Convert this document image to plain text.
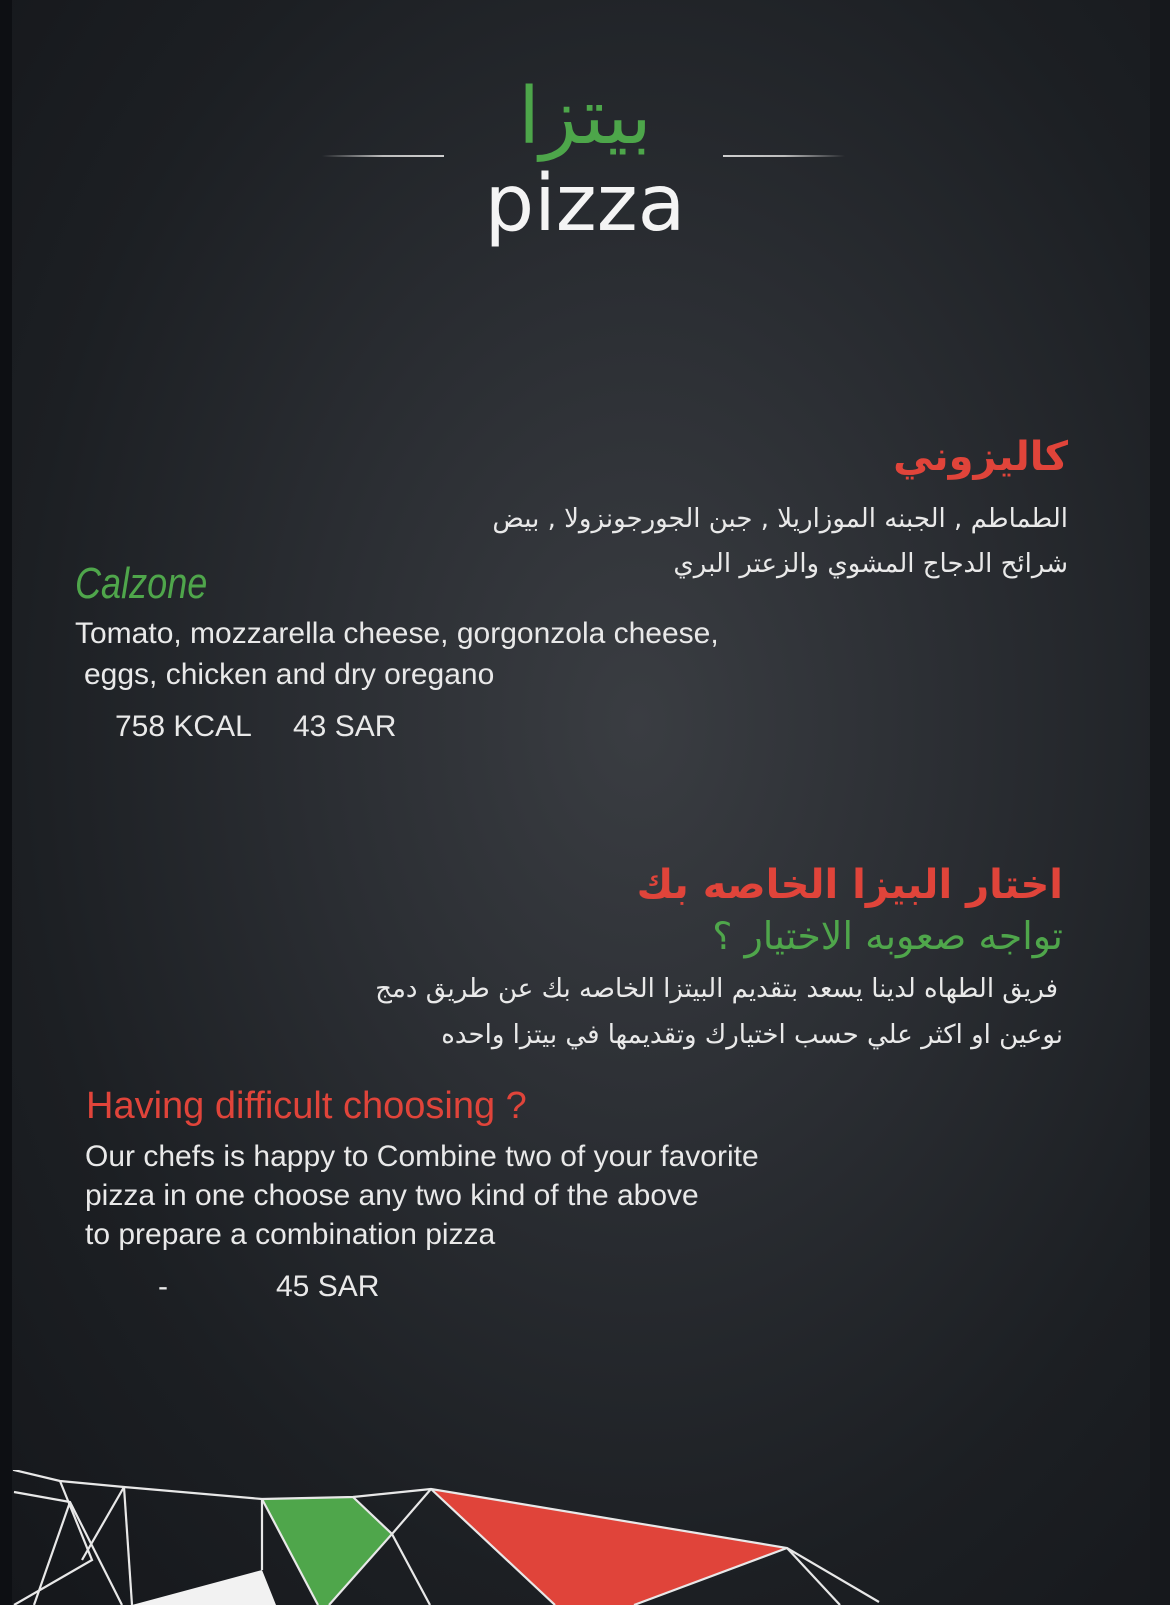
بيتزا

pizza

كاليزوني

الطماطم , الجبنه الموزاريلا , جبن الجورجونزولا , بيض

شرائح الدجاج المشوي والزعتر البري

Calzone

Tomato, mozzarella cheese, gorgonzola cheese,

eggs, chicken and dry oregano

758 KCAL 43 SAR

اختار البيزا الخاصه بك

تواجه صعوبه الاختيار ؟

فريق الطهاه لدينا يسعد بتقديم البيتزا الخاصه بك عن طريق دمج

نوعين او اكثر علي حسب اختيارك وتقديمها في بيتزا واحده

Having difficult choosing ?

Our chefs is happy to Combine two of your favorite

pizza in one choose any two kind of the above

to prepare a combination pizza

-	45 SAR
